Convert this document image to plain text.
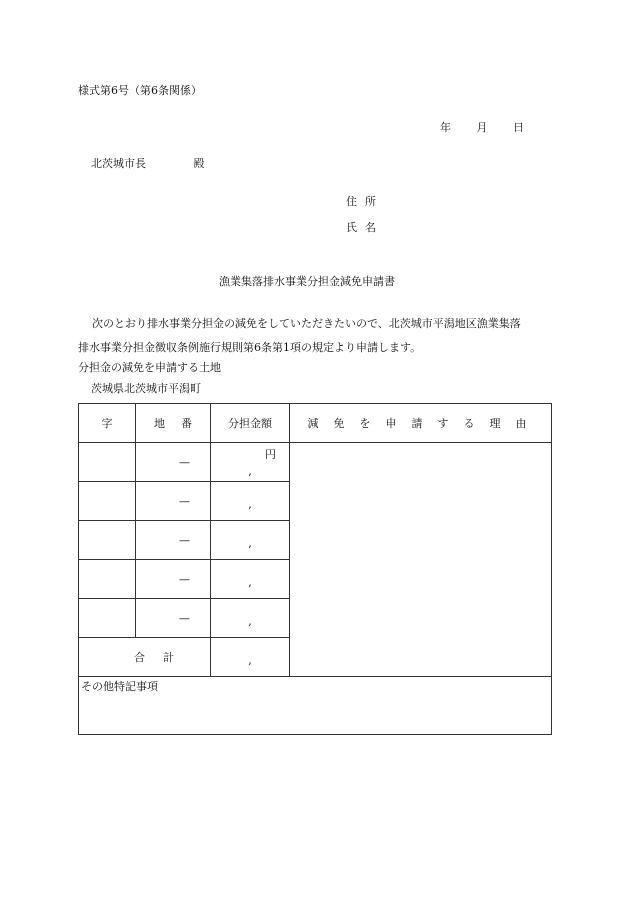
様式第6号（第6条関係）
年 月 日
北茨城市長	殿
住所
氏名
漁業集落排水事業分担金減免申請書
次のとおり排水事業分担金の減免をしていただきたいので、北茨城市平潟地区漁業集落
排水事業分担金徴収条例施行規則第6条第1項の規定より申請します。
分担金の減免を申請する土地
茨城県北茨城市平潟町
字	地番	分担金額	減免を申請する理由
	—	円
,	

	—	,	

	—	,	

	—	,	

	—	,	

合計		,	

その他特記事項			
